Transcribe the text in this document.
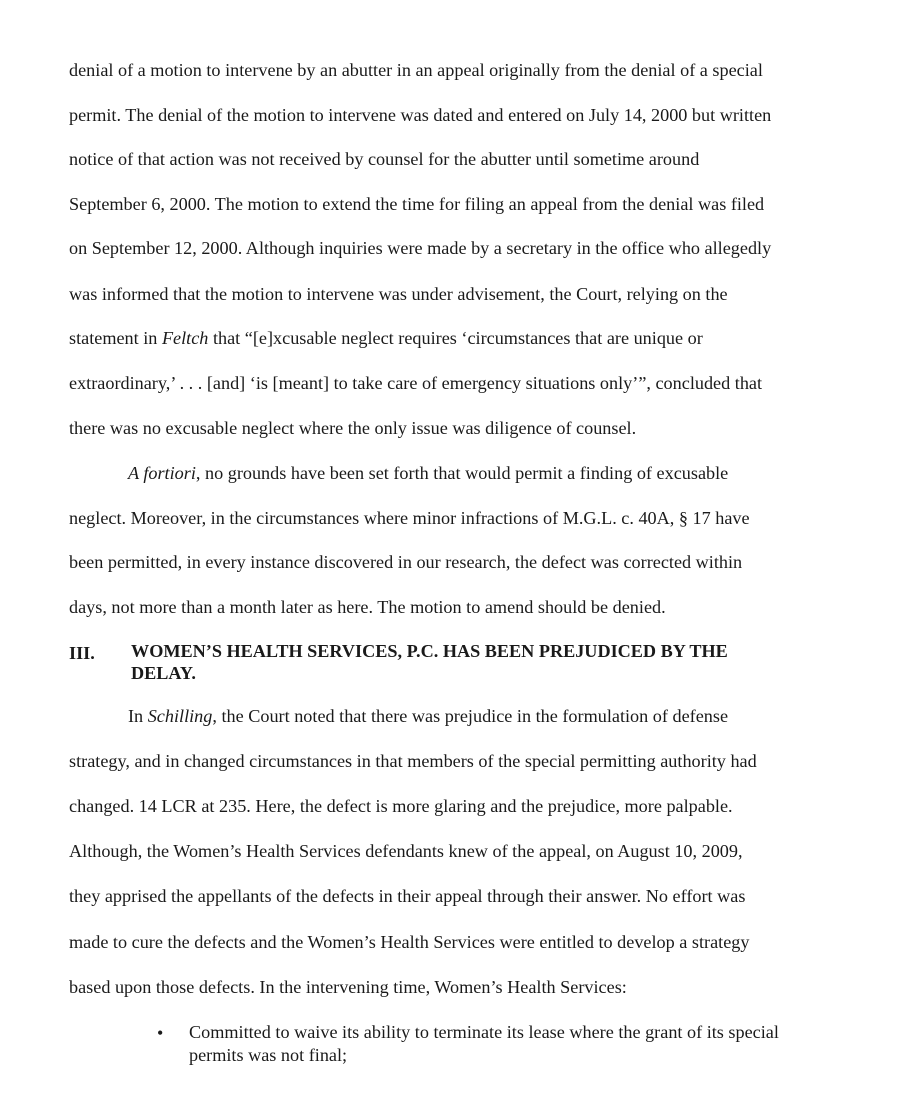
denial of a motion to intervene by an abutter in an appeal originally from the denial of a special
permit. The denial of the motion to intervene was dated and entered on July 14, 2000 but written
notice of that action was not received by counsel for the abutter until sometime around
September 6, 2000. The motion to extend the time for filing an appeal from the denial was filed
on September 12, 2000. Although inquiries were made by a secretary in the office who allegedly
was informed that the motion to intervene was under advisement, the Court, relying on the
statement in Feltch that “[e]xcusable neglect requires ‘circumstances that are unique or
extraordinary,’ . . . [and] ‘is [meant] to take care of emergency situations only’”, concluded that
there was no excusable neglect where the only issue was diligence of counsel.
A fortiori, no grounds have been set forth that would permit a finding of excusable
neglect. Moreover, in the circumstances where minor infractions of M.G.L. c. 40A, § 17 have
been permitted, in every instance discovered in our research, the defect was corrected within
days, not more than a month later as here. The motion to amend should be denied.
III. WOMEN’S HEALTH SERVICES, P.C. HAS BEEN PREJUDICED BY THE
DELAY.
In Schilling, the Court noted that there was prejudice in the formulation of defense
strategy, and in changed circumstances in that members of the special permitting authority had
changed. 14 LCR at 235. Here, the defect is more glaring and the prejudice, more palpable.
Although, the Women’s Health Services defendants knew of the appeal, on August 10, 2009,
they apprised the appellants of the defects in their appeal through their answer. No effort was
made to cure the defects and the Women’s Health Services were entitled to develop a strategy
based upon those defects. In the intervening time, Women’s Health Services:
• Committed to waive its ability to terminate its lease where the grant of its special
permits was not final;
